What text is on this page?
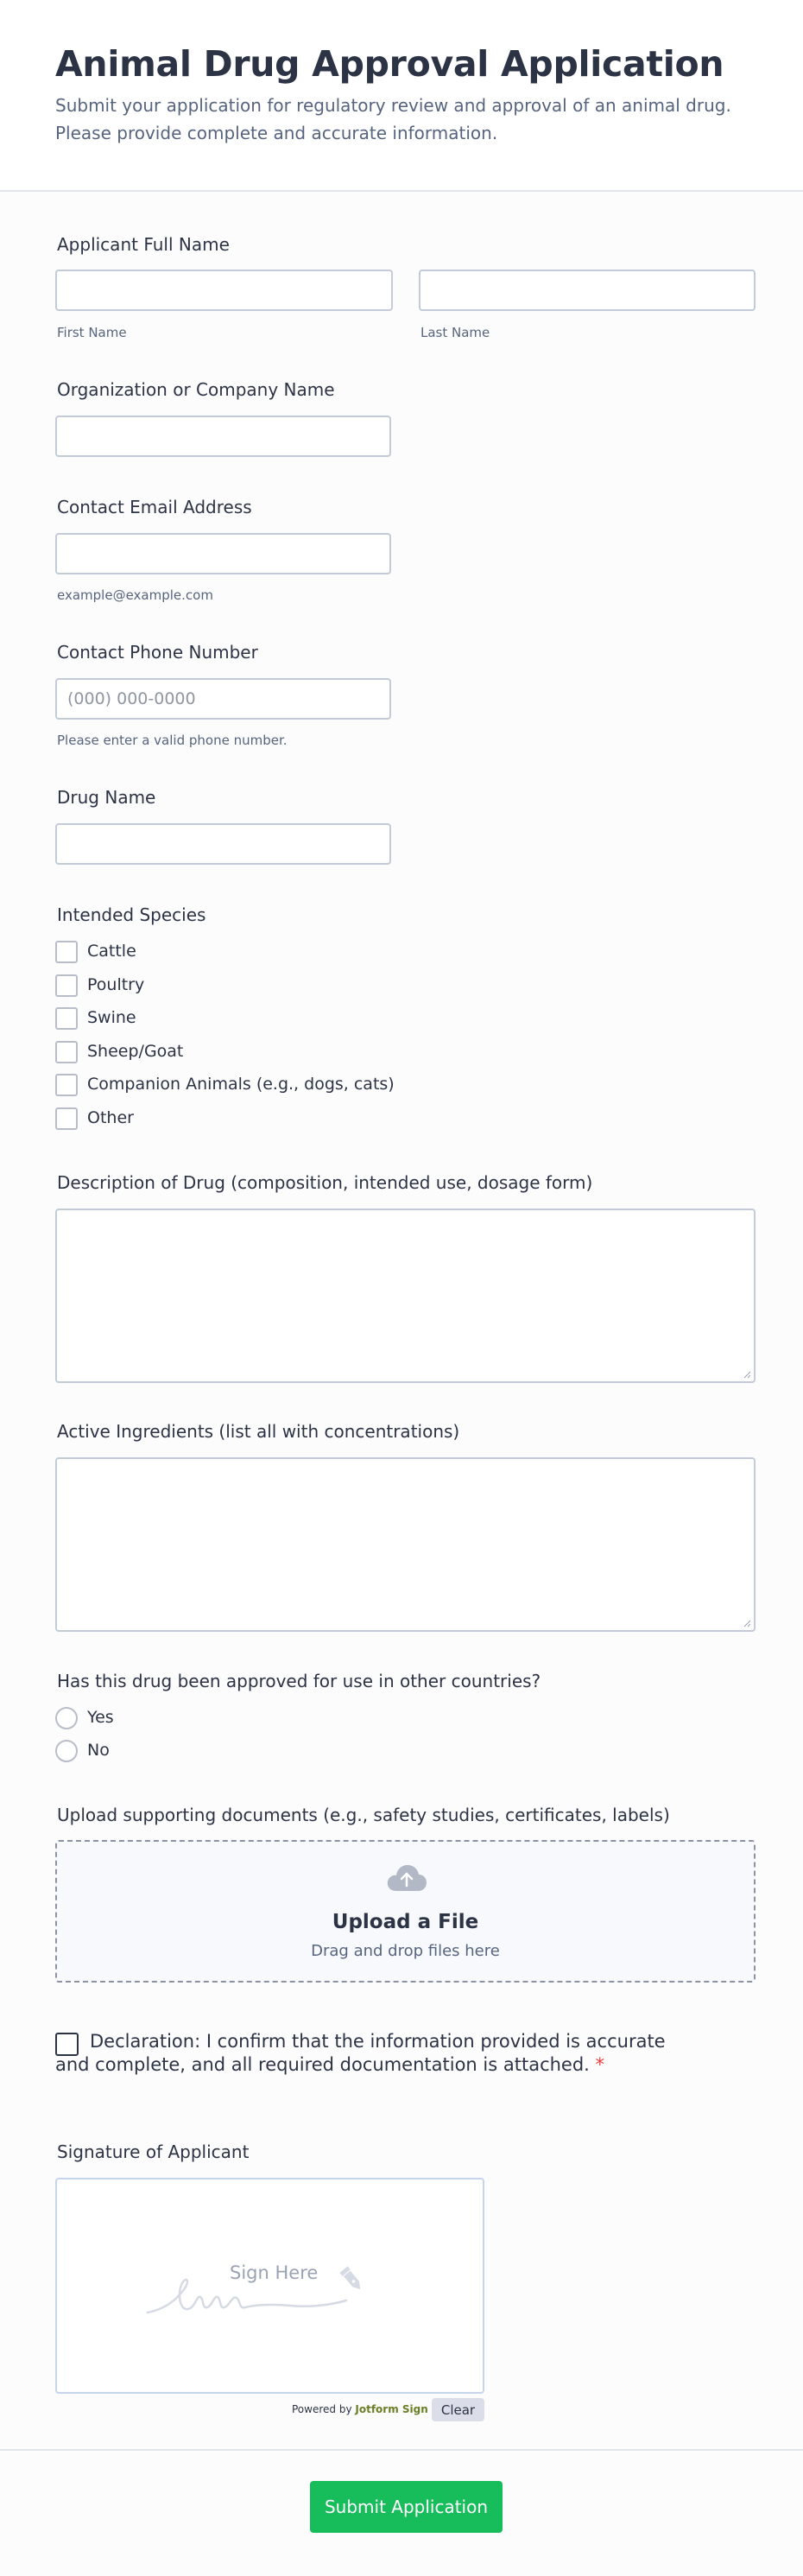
Animal Drug Approval Application

Submit your application for regulatory review and approval of an animal drug. Please provide complete and accurate information.

Applicant Full Name
First Name	Last Name
Organization or Company Name
Contact Email Address
example@example.com
Contact Phone Number
(000) 000-0000
Please enter a valid phone number.
Drug Name
Intended Species
Cattle
Poultry
Swine
Sheep/Goat
Companion Animals (e.g., dogs, cats)
Other
Description of Drug (composition, intended use, dosage form)
Active Ingredients (list all with concentrations)
Has this drug been approved for use in other countries?
Yes
No
Upload supporting documents (e.g., safety studies, certificates, labels)
Upload a File
Drag and drop files here
Declaration: I confirm that the information provided is accurate and complete, and all required documentation is attached. *
Signature of Applicant
Sign Here
Powered by Jotform Sign	Clear
Submit Application
